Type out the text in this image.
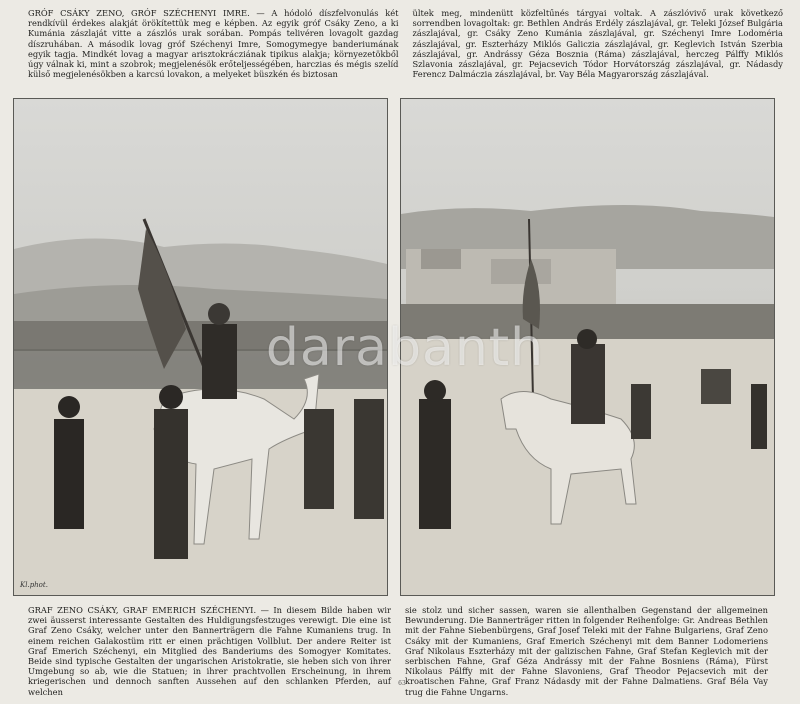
GRÓF CSÁKY ZENO, GRÓF SZÉCHENYI IMRE. — A hódoló díszfelvonulás két rendkívül érdekes alakját örökítettük meg e képben. Az egyik gróf Csáky Zeno, a ki Kumánia zászlaját vitte a zászlós urak sorában. Pompás telivéren lovagolt gazdag díszruhában. A második lovag gróf Széchenyi Imre, Somogymegye banderiumának egyik tagja. Mindkét lovag a magyar arisztokrácziának tipikus alakja; környezetökből úgy válnak ki, mint a szobrok; megjelenésök erőteljességében, harczias és mégis szelíd külső megjelenésökben a karcsú lovakon, a melyeket büszkén és biztosan

ültek meg, mindenütt közfeltűnés tárgyai voltak. A zászlóvivő urak következő sorrendben lovagoltak: gr. Bethlen András Erdély zászlajával, gr. Teleki József Bulgária zászlajával, gr. Csáky Zeno Kumánia zászlajával, gr. Széchenyi Imre Lodoméria zászlajával, gr. Eszterházy Miklós Galiczia zászlajával, gr. Keglevich István Szerbia zászlajával, gr. Andrássy Géza Bosznia (Ráma) zászlajával, herczeg Pálffy Miklós Szlavonia zászlajával, gr. Pejacsevich Tódor Horvátország zászlajával, gr. Nádasdy Ferencz Dalmáczia zászlajával, br. Vay Béla Magyarország zászlajával.

Kl.phot.
darabanth

GRAF ZENO CSÁKY, GRAF EMERICH SZÉCHENYI. — In diesem Bilde haben wir zwei äusserst interessante Gestalten des Huldigungsfestzuges verewigt. Die eine ist Graf Zeno Csáky, welcher unter den Bannerträgern die Fahne Kumaniens trug. In einem reichen Galakostüm ritt er einen prächtigen Vollblut. Der andere Reiter ist Graf Emerich Széchenyi, ein Mitglied des Banderiums des Somogyer Komitates. Beide sind typische Gestalten der ungarischen Aristokratie, sie heben sich von ihrer Umgebung so ab, wie die Statuen; in ihrer prachtvollen Erscheinung, in ihrem kriegerischen und dennoch sanften Aussehen auf den schlanken Pferden, auf welchen

sie stolz und sicher sassen, waren sie allenthalben Gegenstand der allgemeinen Bewunderung. Die Bannerträger ritten in folgender Reihenfolge: Gr. Andreas Bethlen mit der Fahne Siebenbürgens, Graf Josef Teleki mit der Fahne Bulgariens, Graf Zeno Csáky mit der Kumaniens, Graf Emerich Széchenyi mit dem Banner Lodomeriens Graf Nikolaus Eszterházy mit der galizischen Fahne, Graf Stefan Keglevich mit der serbischen Fahne, Graf Géza Andrássy mit der Fahne Bosniens (Ráma), Fürst Nikolaus Pálffy mit der Fahne Slavoniens, Graf Theodor Pejacsevich mit der kroatischen Fahne, Graf Franz Nádasdy mit der Fahne Dalmatiens. Graf Béla Vay trug die Fahne Ungarns.

63
